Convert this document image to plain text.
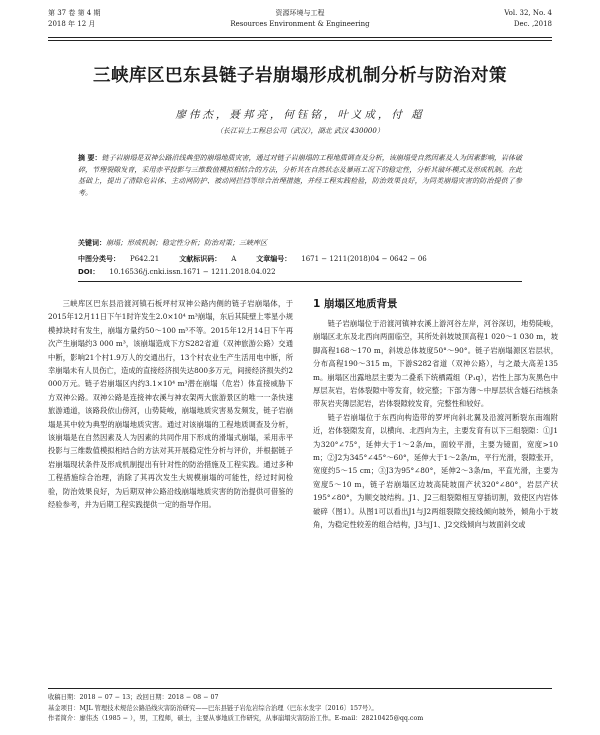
第 37 卷 第 4 期
2018 年 12 月
资源环境与工程
Resources Environment & Engineering
Vol. 32, No. 4
Dec. ,2018
三峡库区巴东县链子岩崩塌形成机制分析与防治对策
廖伟杰，聂邦亮，何钰铭，叶义成，付 超
（长江岩土工程总公司（武汉），湖北 武汉 430000）
摘 要：链子岩崩塌是双神公路沿线典型的崩塌地质灾害，通过对链子岩崩塌的工程地质调查及分析，该崩塌受自然因素及人为因素影响，岩体破碎，节理裂隙发育，采用赤平投影与三维数值模拟相结合的方法，分析其在自然状态及暴雨工况下的稳定性，分析其破坏模式及形成机制。在此基础上，提出了清除危岩体、主动网防护、被动网拦挡等综合治理措施，并经工程实践检验，防治效果良好，为同类崩塌灾害的防治提供了参考。
关键词：崩塌；形成机制；稳定性分析；防治对策；三峡库区
中图分类号： P642.21	文献标识码： A	文章编号： 1671 − 1211(2018)04 − 0642 − 06
DOI： 10.16536/j.cnki.issn.1671 − 1211.2018.04.022

三峡库区巴东县沿渡河镇石板坪村双神公路内侧的链子岩崩塌体，于2015年12月11日下午1时许发生2.0×10⁴ m³崩塌，东后其陡壁上零星小规模掉块时有发生，崩塌方量约50～100 m³不等。2015年12月14日下午再次产生崩塌约3 000 m³，该崩塌造成下方S282省道（双神旅游公路）交通中断，影响21个村1.9万人的交通出行，13个村农业生产生活用电中断，所幸崩塌未有人员伤亡，造成的直接经济损失达800多万元，间接经济损失约2 000万元。链子岩崩塌区内约3.1×10⁴ m³潜在崩塌（危岩）体直接威胁下方双神公路。双神公路是连接神农溪与神农架两大旅游景区的唯一一条快速旅游通道，该路段依山傍河，山势陡峻，崩塌地质灾害易发频发，链子岩崩塌是其中较为典型的崩塌地质灾害。通过对该崩塌的工程地质调查及分析，该崩塌是在自然因素及人为因素的共同作用下形成的滑塌式崩塌，采用赤平投影与三维数值模拟相结合的方法对其开展稳定性分析与评价，并根据链子岩崩塌现状条件及形成机制提出有针对性的防治措施及工程实践。通过多种工程措施综合治理，消除了其再次发生大规模崩塌的可能性，经过时间检验，防治效果良好，为后期双神公路沿线崩塌地质灾害的防治提供可借鉴的经验参考，并为后期工程实践提供一定的指导作用。

1 崩塌区地质背景

链子岩崩塌位于沿渡河镇神农溪上游河谷左岸，河谷深切，地势陡峻，崩塌区北东及北西向两面临空，其所处斜坡坡顶高程1 020～1 030 m，坡脚高程168～170 m，斜坡总体坡度50°～90°。链子岩崩塌源区岩层状，分布高程190～315 m，下游S282省道（双神公路），与之最大高差135 m。崩塌区出露地层主要为二叠系下统栖霞组（P₁q），岩性上部为灰黑色中厚层灰岩，岩体裂隙中等发育，较完整；下部为薄～中厚层状含燧石结核条带灰岩夹薄层泥岩，岩体裂隙较发育，完整性和较好。

链子岩崩塌位于东西向构造带的罗坪向斜北翼及沿渡河断裂东南端附近，岩体裂隙发育，以横向、北西向为主，主要发育有以下三组裂隙：①J1为320°∠75°，延伸大于1～2条/m，面较平滑，主要为镜面，宽度>10 m；②J2为345°∠45°～60°，延伸大于1～2条/m，平行光滑，裂隙张开，宽度约5～15 cm；③J3为95°∠80°，延伸2～3条/m，平直光滑，主要为宽度5～10 m，链子岩崩塌区边坡高陡坡面产状320°∠80°，岩层产状195°∠80°，为顺交坡结构。J1、J2三组裂隙相互穿插切割，致使区内岩体破碎（图1）。从图1可以看出J1与J2两组裂隙交接线倾向坡外，倾角小于坡角，为稳定性较差的组合结构，J3与J1、J2交线倾向与坡面斜交或

收稿日期：2018 − 07 − 13；改回日期：2018 − 08 − 07
基金项目：MJL 管理技术规范公路沿线灾害防治研究——巴东县链子岩危岩综合治理（巴东水发字〔2016〕157号）。
作者简介：廖伟杰（1985 − ），男，工程师，硕士，主要从事地质工作研究，从事崩塌灾害防治工作。E-mail：28210425@qq.com
